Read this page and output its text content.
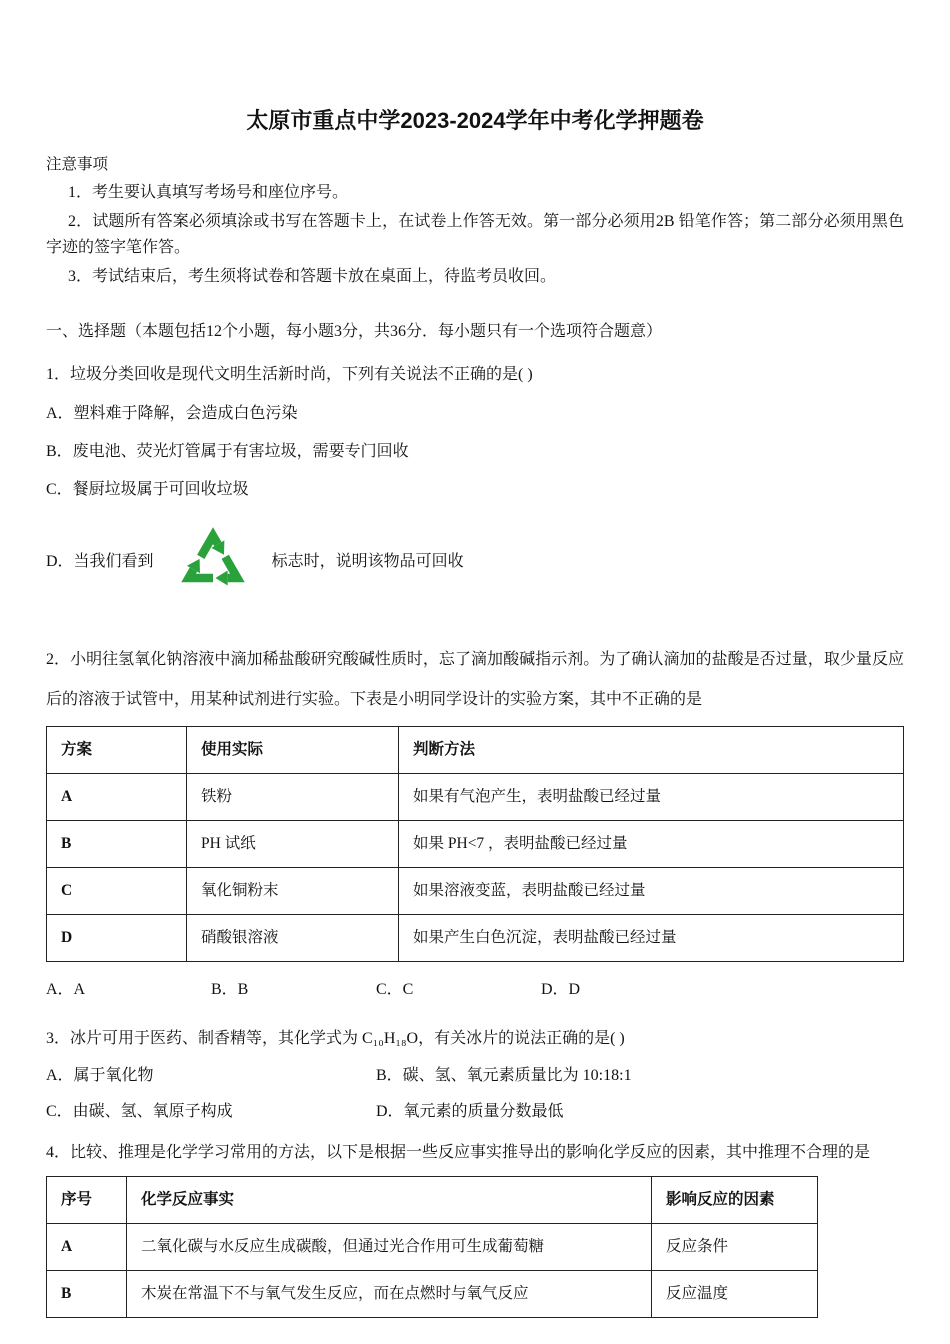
太原市重点中学2023-2024学年中考化学押题卷
注意事项

1．考生要认真填写考场号和座位序号。

2．试题所有答案必须填涂或书写在答题卡上，在试卷上作答无效。第一部分必须用2B 铅笔作答；第二部分必须用黑色字迹的签字笔作答。

3．考试结束后，考生须将试卷和答题卡放在桌面上，待监考员收回。

一、选择题（本题包括12个小题，每小题3分，共36分．每小题只有一个选项符合题意）

1．垃圾分类回收是现代文明生活新时尚，下列有关说法不正确的是( )

A．塑料难于降解，会造成白色污染

B．废电池、荧光灯管属于有害垃圾，需要专门回收

C．餐厨垃圾属于可回收垃圾

D．当我们看到	标志时，说明该物品可回收

2．小明往氢氧化钠溶液中滴加稀盐酸研究酸碱性质时，忘了滴加酸碱指示剂。为了确认滴加的盐酸是否过量，取少量反应后的溶液于试管中，用某种试剂进行实验。下表是小明同学设计的实验方案，其中不正确的是

方案	使用实际	判断方法
A	铁粉	如果有气泡产生，表明盐酸已经过量
B	PH 试纸	如果 PH<7 ，表明盐酸已经过量
C	氧化铜粉末	如果溶液变蓝，表明盐酸已经过量
D	硝酸银溶液	如果产生白色沉淀，表明盐酸已经过量
A．A	B．B	C．C	D．D

3．冰片可用于医药、制香精等，其化学式为 C₁₀H₁₈O，有关冰片的说法正确的是( )

A．属于氧化物	B．碳、氢、氧元素质量比为 10:18:1
C．由碳、氢、氧原子构成	D．氧元素的质量分数最低

4．比较、推理是化学学习常用的方法，以下是根据一些反应事实推导出的影响化学反应的因素，其中推理不合理的是

序号	化学反应事实	影响反应的因素
A	二氧化碳与水反应生成碳酸，但通过光合作用可生成葡萄糖	反应条件
B	木炭在常温下不与氧气发生反应，而在点燃时与氧气反应	反应温度
